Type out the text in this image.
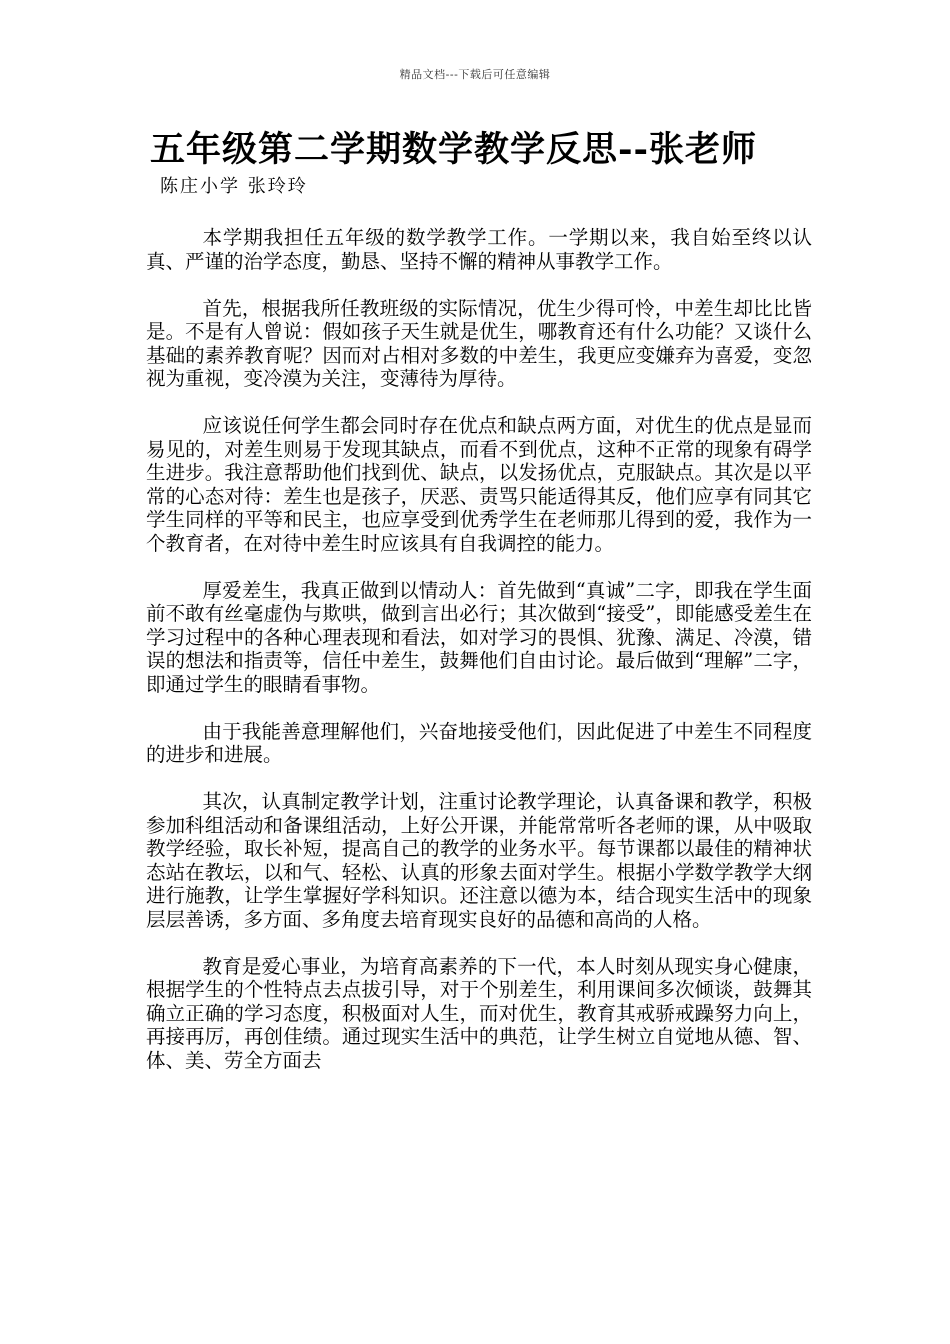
精品文档---下载后可任意编辑
五年级第二学期数学教学反思--张老师
陈庄小学 张玲玲

本学期我担任五年级的数学教学工作。一学期以来，我自始至终以认真、严谨的治学态度，勤恳、坚持不懈的精神从事教学工作。

首先，根据我所任教班级的实际情况，优生少得可怜，中差生却比比皆是。不是有人曾说：假如孩子天生就是优生，哪教育还有什么功能？又谈什么基础的素养教育呢？因而对占相对多数的中差生，我更应变嫌弃为喜爱，变忽视为重视，变冷漠为关注，变薄待为厚待。

应该说任何学生都会同时存在优点和缺点两方面，对优生的优点是显而易见的，对差生则易于发现其缺点，而看不到优点，这种不正常的现象有碍学生进步。我注意帮助他们找到优、缺点，以发扬优点，克服缺点。其次是以平常的心态对待：差生也是孩子，厌恶、责骂只能适得其反，他们应享有同其它学生同样的平等和民主，也应享受到优秀学生在老师那儿得到的爱，我作为一个教育者，在对待中差生时应该具有自我调控的能力。

厚爱差生，我真正做到以情动人：首先做到“真诚”二字，即我在学生面前不敢有丝毫虚伪与欺哄，做到言出必行；其次做到“接受”，即能感受差生在学习过程中的各种心理表现和看法，如对学习的畏惧、犹豫、满足、冷漠，错误的想法和指责等，信任中差生，鼓舞他们自由讨论。最后做到“理解”二字，即通过学生的眼睛看事物。

由于我能善意理解他们，兴奋地接受他们，因此促进了中差生不同程度的进步和进展。

其次，认真制定教学计划，注重讨论教学理论，认真备课和教学，积极参加科组活动和备课组活动，上好公开课，并能常常听各老师的课，从中吸取教学经验，取长补短，提高自己的教学的业务水平。每节课都以最佳的精神状态站在教坛，以和气、轻松、认真的形象去面对学生。根据小学数学教学大纲进行施教，让学生掌握好学科知识。还注意以德为本，结合现实生活中的现象层层善诱，多方面、多角度去培育现实良好的品德和高尚的人格。

教育是爱心事业，为培育高素养的下一代，本人时刻从现实身心健康，根据学生的个性特点去点拔引导，对于个别差生，利用课间多次倾谈，鼓舞其确立正确的学习态度，积极面对人生，而对优生，教育其戒骄戒躁努力向上，再接再厉，再创佳绩。通过现实生活中的典范，让学生树立自觉地从德、智、体、美、劳全方面去
